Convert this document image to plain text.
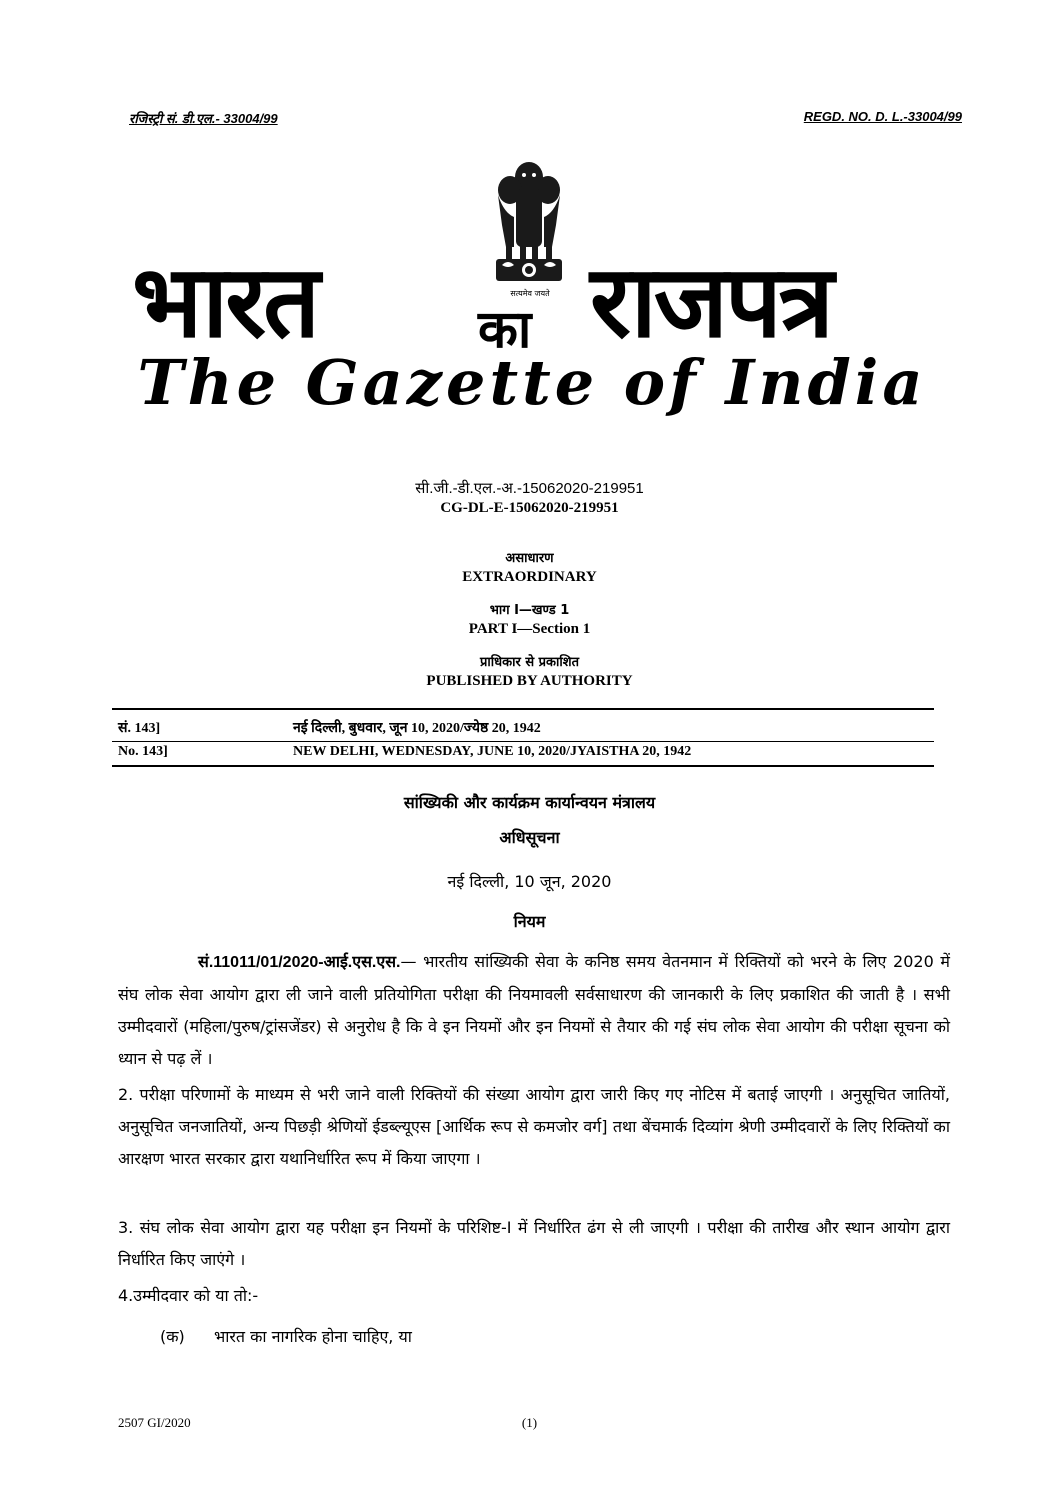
रजिस्ट्री सं. डी.एल.- 33004/99	REGD. NO. D. L.-33004/99
सत्यमेव जयते
भारत	का राजपत्र
The Gazette of India
सी.जी.-डी.एल.-अ.-15062020-219951
CG-DL-E-15062020-219951
असाधारण
EXTRAORDINARY
भाग I—खण्ड 1
PART I—Section 1
प्राधिकार से प्रकाशित
PUBLISHED BY AUTHORITY
सं. 143]	नई दिल्ली, बुधवार, जून 10, 2020/ज्येष्ठ 20, 1942
No. 143]	NEW DELHI, WEDNESDAY, JUNE 10, 2020/JYAISTHA 20, 1942
सांख्यिकी और कार्यक्रम कार्यान्वयन मंत्रालय
अधिसूचना
नई दिल्ली, 10 जून, 2020
नियम
सं.11011/01/2020-आई.एस.एस.— भारतीय सांख्यिकी सेवा के कनिष्ठ समय वेतनमान में रिक्तियों को भरने के लिए 2020 में संघ लोक सेवा आयोग द्वारा ली जाने वाली प्रतियोगिता परीक्षा की नियमावली सर्वसाधारण की जानकारी के लिए प्रकाशित की जाती है । सभी उम्मीदवारों (महिला/पुरुष/ट्रांसजेंडर) से अनुरोध है कि वे इन नियमों और इन नियमों से तैयार की गई संघ लोक सेवा आयोग की परीक्षा सूचना को ध्यान से पढ़ लें ।
2. परीक्षा परिणामों के माध्यम से भरी जाने वाली रिक्तियों की संख्या आयोग द्वारा जारी किए गए नोटिस में बताई जाएगी । अनुसूचित जातियों, अनुसूचित जनजातियों, अन्य पिछड़ी श्रेणियों ईडब्ल्यूएस [आर्थिक रूप से कमजोर वर्ग] तथा बेंचमार्क दिव्यांग श्रेणी उम्मीदवारों के लिए रिक्तियों का आरक्षण भारत सरकार द्वारा यथानिर्धारित रूप में किया जाएगा ।
3. संघ लोक सेवा आयोग द्वारा यह परीक्षा इन नियमों के परिशिष्ट-I में निर्धारित ढंग से ली जाएगी । परीक्षा की तारीख और स्थान आयोग द्वारा निर्धारित किए जाएंगे ।
4.उम्मीदवार को या तो:-
(क) भारत का नागरिक होना चाहिए, या
2507 GI/2020	(1)
